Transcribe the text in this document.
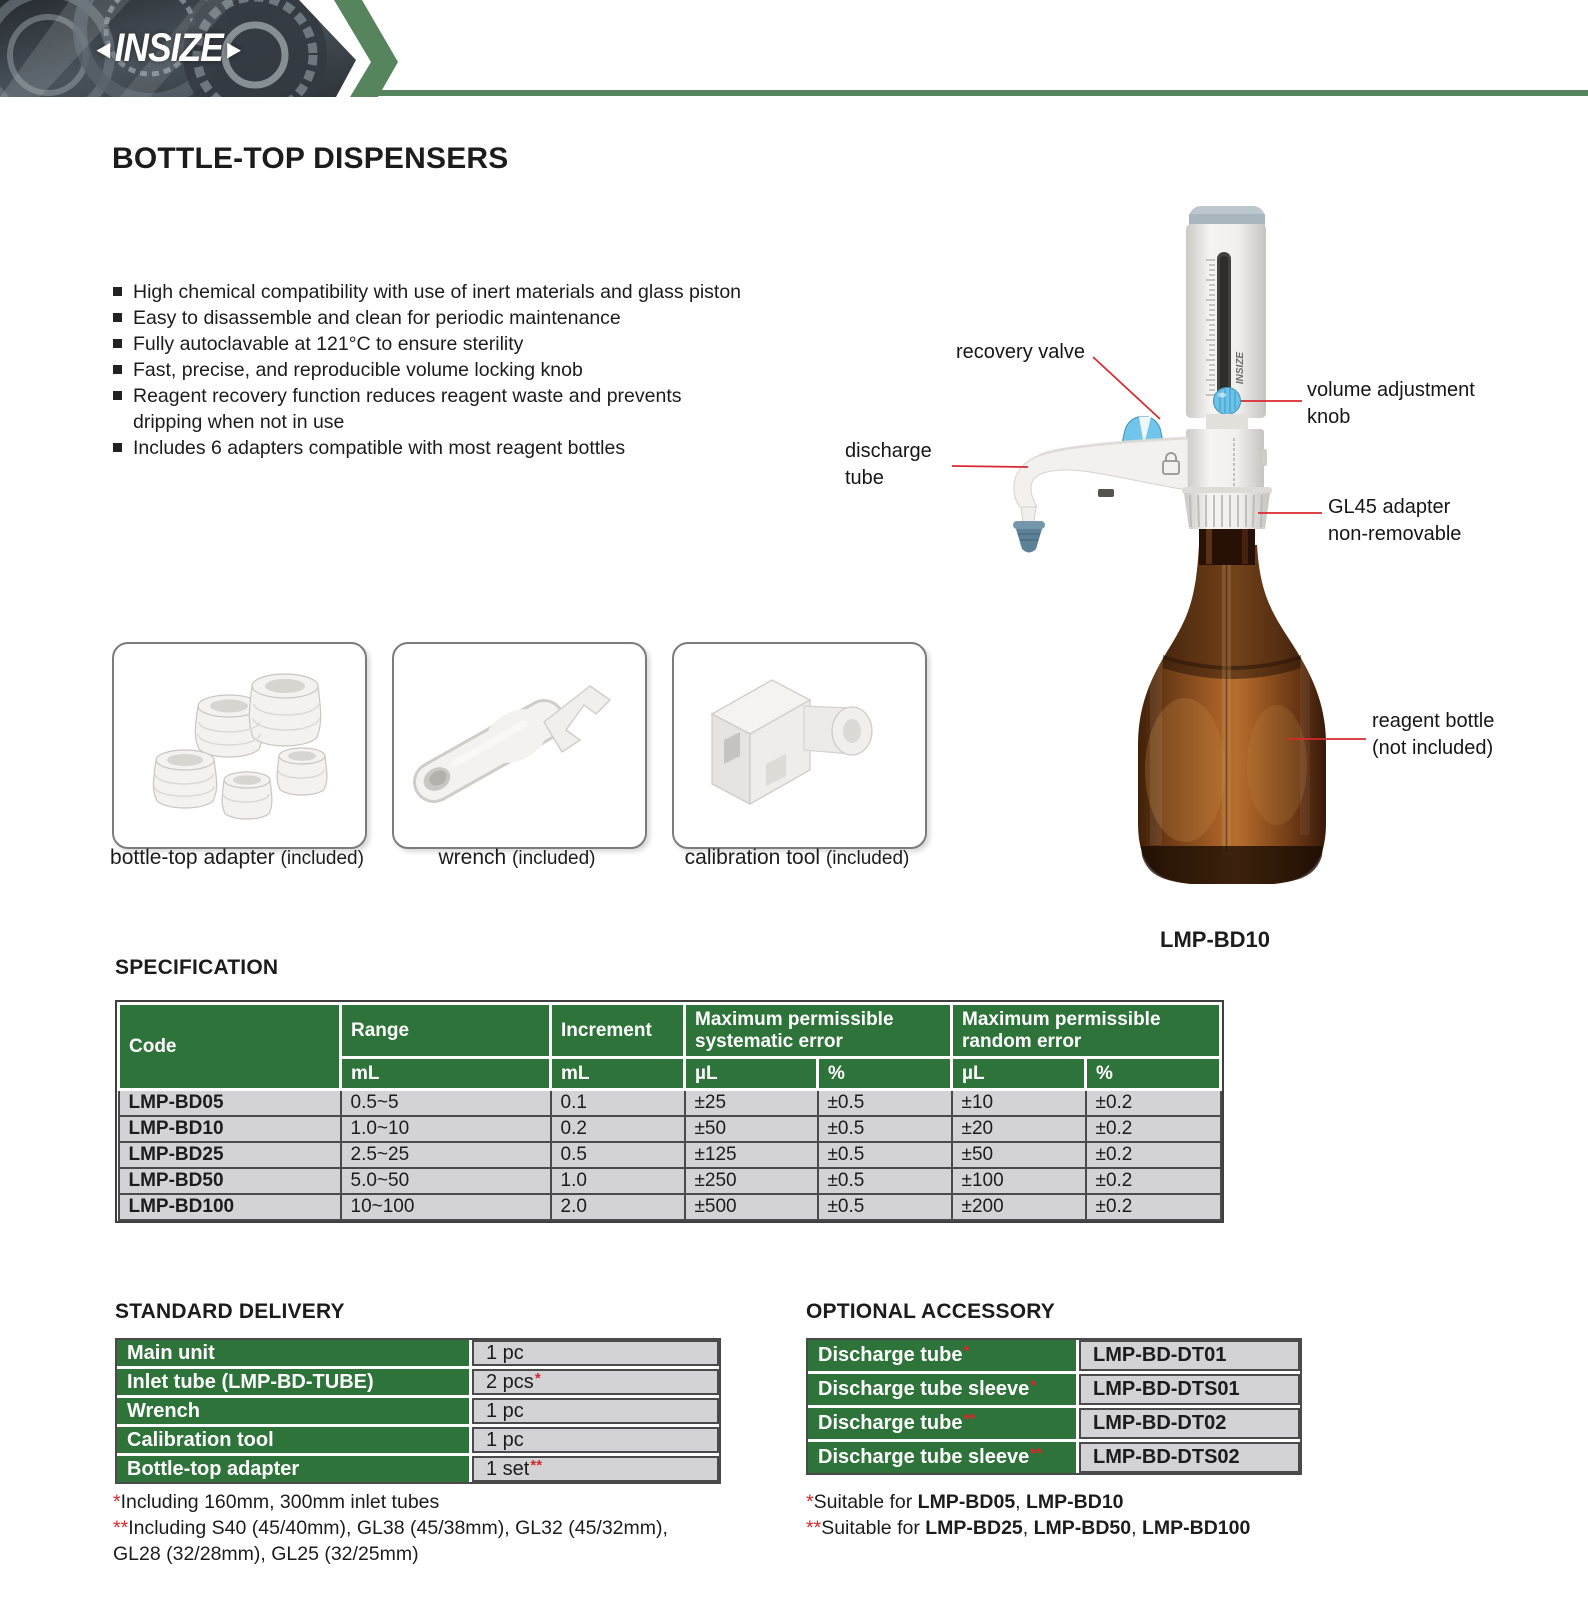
◄INSIZE►
BOTTLE-TOP DISPENSERS
High chemical compatibility with use of inert materials and glass piston
Easy to disassemble and clean for periodic maintenance
Fully autoclavable at 121°C to ensure sterility
Fast, precise, and reproducible volume locking knob
Reagent recovery function reduces reagent waste and prevents
dripping when not in use
Includes 6 adapters compatible with most reagent bottles
INSIZE
recovery valve
discharge
tube
volume adjustment
knob
GL45 adapter
non-removable
reagent bottle
(not included)
LMP-BD10
bottle-top adapter (included)	wrench (included)	calibration tool (included)
SPECIFICATION
Code	Range	Increment	Maximum permissible systematic error		Maximum permissible random error	
	mL	mL	µL	%	µL	%
LMP-BD05	0.5~5	0.1	±25	±0.5	±10	±0.2
LMP-BD10	1.0~10	0.2	±50	±0.5	±20	±0.2
LMP-BD25	2.5~25	0.5	±125	±0.5	±50	±0.2
LMP-BD50	5.0~50	1.0	±250	±0.5	±100	±0.2
LMP-BD100	10~100	2.0	±500	±0.5	±200	±0.2
STANDARD DELIVERY
Main unit	1 pc
Inlet tube (LMP-BD-TUBE)	2 pcs *
Wrench	1 pc
Calibration tool	1 pc
Bottle-top adapter	1 set **
*Including 160mm, 300mm inlet tubes
**Including S40 (45/40mm), GL38 (45/38mm), GL32 (45/32mm), GL28 (32/28mm), GL25 (32/25mm)
OPTIONAL ACCESSORY
Discharge tube *	LMP-BD-DT01
Discharge tube sleeve *	LMP-BD-DTS01
Discharge tube **	LMP-BD-DT02
Discharge tube sleeve **	LMP-BD-DTS02
*Suitable for LMP-BD05, LMP-BD10
**Suitable for LMP-BD25, LMP-BD50, LMP-BD100
